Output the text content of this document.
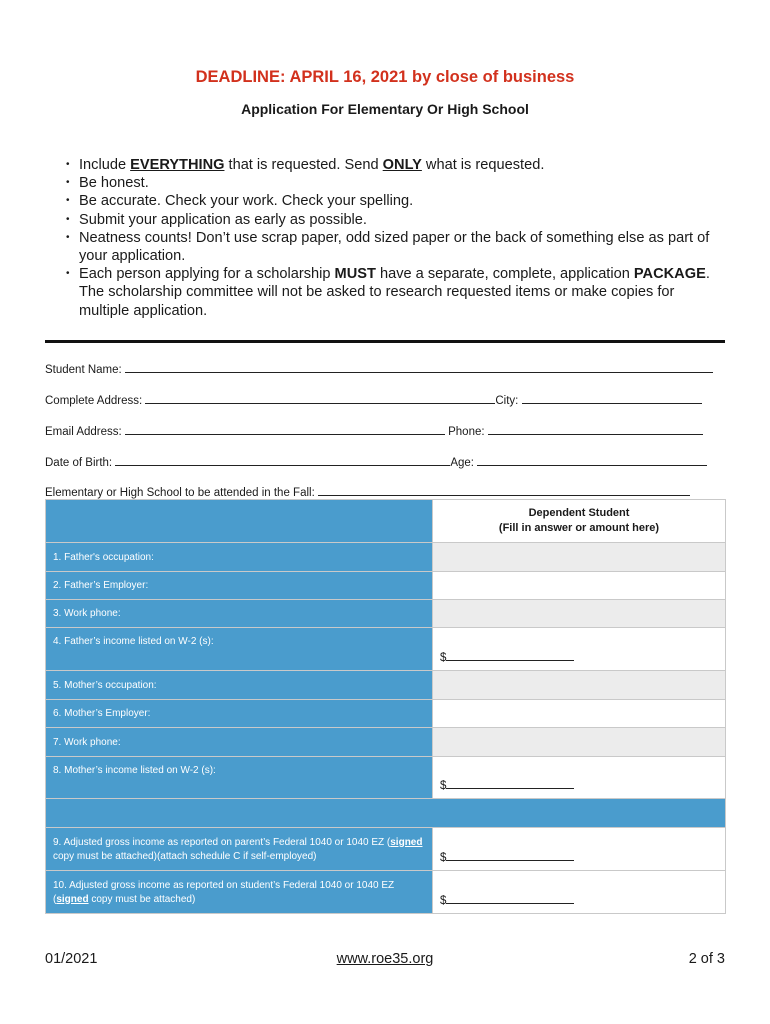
DEADLINE: APRIL 16, 2021 by close of business
Application For Elementary Or High School
• Include EVERYTHING that is requested. Send ONLY what is requested.
• Be honest.
• Be accurate. Check your work. Check your spelling.
• Submit your application as early as possible.
• Neatness counts! Don’t use scrap paper, odd sized paper or the back of something else as part of your application.
• Each person applying for a scholarship MUST have a separate, complete, application PACKAGE. The scholarship committee will not be asked to research requested items or make copies for multiple application.
Student Name:
Complete Address:	City:
Email Address:	Phone:
Date of Birth:	Age:
Elementary or High School to be attended in the Fall:

	Dependent Student
(Fill in answer or amount here)

1. Father's occupation:	
2. Father’s Employer:	
3. Work phone:	
4. Father’s income listed on W-2 (s):	$
5. Mother’s occupation:	
6. Mother’s Employer:	
7. Work phone:	
8. Mother’s income listed on W-2 (s):	$

9. Adjusted gross income as reported on parent’s Federal 1040 or 1040 EZ (signed copy must be attached)(attach schedule C if self-employed)	$
10. Adjusted gross income as reported on student’s Federal 1040 or 1040 EZ (signed copy must be attached)	$
01/2021	www.roe35.org	2 of 3
